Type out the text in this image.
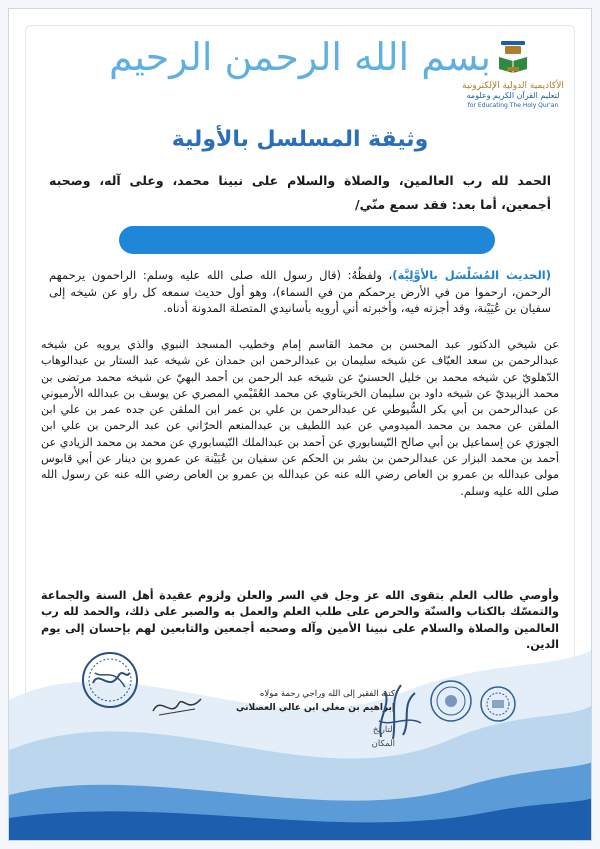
الأكاديمية الدولية الإلكترونية
لتعليم القرآن الكريم وعلومه
for Educating The Holy Qur'an
بسم الله الرحمن الرحيم
وثيقة المسلسل بالأولية
الحمد لله رب العالمين، والصلاة والسلام على نبينا محمد، وعلى آله، وصحبه أجمعين، أما بعد: فقد سمع منّي/
(الحديث المُسَلْسَل بالأوَّلِيَّة)، ولفظُهُ: (قال رسول الله صلى الله عليه وسلم: الراحمون يرحمهم الرحمن، ارحموا من في الأرض يرحمكم من في السماء)، وهو أول حديث سمعه كل راو عن شيخه إلى سفيان بن عُيَيْنة، وقد أجزته فيه، وأخبرته أني أرويه بأسانيدي المتصلة المدونة أدناه.
عن شيخي الدكتور عبد المحسن بن محمد القاسم إمام وخطيب المسجد النبوي والذي يرويه عن شيخه عبدالرحمن بن سعد العيّاف عن شيخه سليمان بن عبدالرحمن ابن حمدان عن شيخه عبد الستار بن عبدالوهاب الدّهلويّ عن شيخه محمد بن خليل الحسنيّ عن شيخه عبد الرحمن بن أحمد البهيّ عن شيخه محمد مرتضى بن محمد الزبيديّ عن شيخه داود بن سليمان الخربتاوي عن محمد العُقَيْمي المصري عن يوسف بن عبدالله الأرميوني عن عبدالرحمن بن أبي بكر السُّيوطي عن عبدالرحمن بن علي بن عمر ابن الملقن عن جده عمر بن علي ابن الملقن عن محمد بن محمد الميدومي عن عبد اللطيف بن عبدالمنعم الحرّاني عن عبد الرحمن بن علي ابن الجوزي عن إسماعيل بن أبي صالح النّيسابوري عن أحمد بن عبدالملك النّيسابوري عن محمد بن محمد الزيادي عن أحمد بن محمد البزار عن عبدالرحمن بن بشر بن الحكم عن سفيان بن عُيَيْنة عن عمرو بن دينار عن أبي قابوس مولى عبدالله بن عمرو بن العاص رضي الله عنه عن عبدالله بن عمرو بن العاص رضي الله عنه عن رسول الله صلى الله عليه وسلم.
وأوصي طالب العلم بتقوى الله عز وجل في السر والعلن ولزوم عقيدة أهل السنة والجماعة والتمسّك بالكتاب والسنّة والحرص على طلب العلم والعمل به والصبر على ذلك، والحمد لله رب العالمين والصلاة والسلام على نبينا الأمين وآله وصحبه أجمعين والتابعين لهم بإحسان إلى يوم الدين.
كتبه الفقير إلى الله وراجي رحمة مولاه
إبراهيم بن مغلي ابن عالي العصلاني
التاريخ
المكان
